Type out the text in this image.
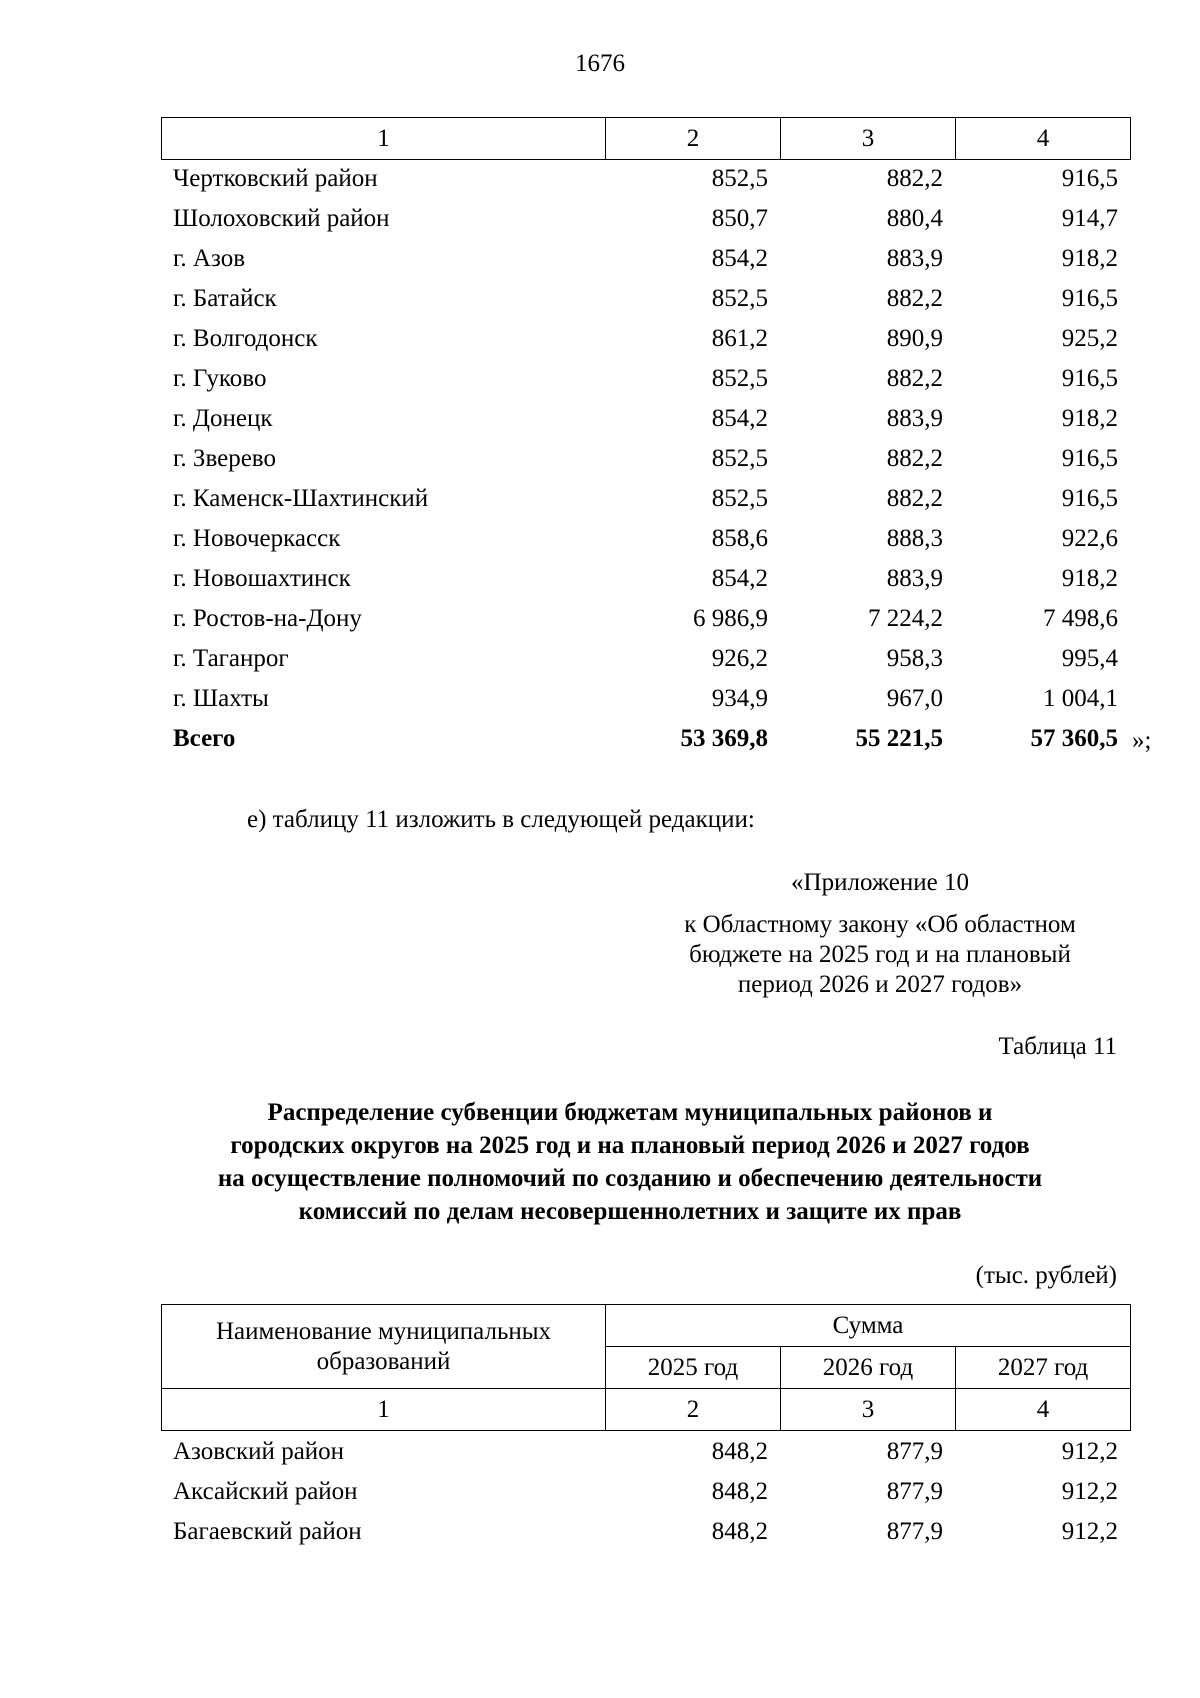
1676
1	2	3	4
Чертковский район	852,5	882,2	916,5
Шолоховский район	850,7	880,4	914,7
г. Азов	854,2	883,9	918,2
г. Батайск	852,5	882,2	916,5
г. Волгодонск	861,2	890,9	925,2
г. Гуково	852,5	882,2	916,5
г. Донецк	854,2	883,9	918,2
г. Зверево	852,5	882,2	916,5
г. Каменск-Шахтинский	852,5	882,2	916,5
г. Новочеркасск	858,6	888,3	922,6
г. Новошахтинск	854,2	883,9	918,2
г. Ростов-на-Дону	6 986,9	7 224,2	7 498,6
г. Таганрог	926,2	958,3	995,4
г. Шахты	934,9	967,0	1 004,1
Всего	53 369,8	55 221,5	57 360,5 »;
е) таблицу 11 изложить в следующей редакции:
«Приложение 10
к Областному закону «Об областном
бюджете на 2025 год и на плановый
период 2026 и 2027 годов»
Таблица 11
Распределение субвенции бюджетам муниципальных районов и
городских округов на 2025 год и на плановый период 2026 и 2027 годов
на осуществление полномочий по созданию и обеспечению деятельности
комиссий по делам несовершеннолетних и защите их прав
(тыс. рублей)
Наименование муниципальных образований	Сумма		
	2025 год	2026 год	2027 год
1	2	3	4
Азовский район	848,2	877,9	912,2
Аксайский район	848,2	877,9	912,2
Багаевский район	848,2	877,9	912,2
